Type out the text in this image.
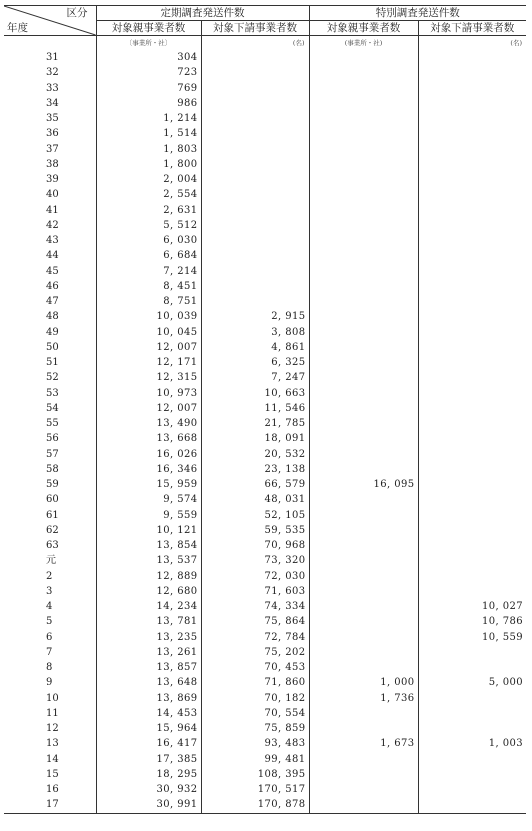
区分
年度	定期調査発送件数		特別調査発送件数	
	対象親事業者数	対象下請事業者数	対象親事業者数	対象下請事業者数
	〔事業所・社〕	(名)	(事業所・社)	(名)
31	304			
32	723			
33	769			
34	986			
35	1, 214			
36	1, 514			
37	1, 803			
38	1, 800			
39	2, 004			
40	2, 554			
41	2, 631			
42	5, 512			
43	6, 030			
44	6, 684			
45	7, 214			
46	8, 451			
47	8, 751			
48	10, 039	2, 915		
49	10, 045	3, 808		
50	12, 007	4, 861		
51	12, 171	6, 325		
52	12, 315	7, 247		
53	10, 973	10, 663		
54	12, 007	11, 546		
55	13, 490	21, 785		
56	13, 668	18, 091		
57	16, 026	20, 532		
58	16, 346	23, 138		
59	15, 959	66, 579	16, 095	
60	9, 574	48, 031		
61	9, 559	52, 105		
62	10, 121	59, 535		
63	13, 854	70, 968		
元	13, 537	73, 320		
2	12, 889	72, 030		
3	12, 680	71, 603		
4	14, 234	74, 334		10, 027
5	13, 781	75, 864		10, 786
6	13, 235	72, 784		10, 559
7	13, 261	75, 202		
8	13, 857	70, 453		
9	13, 648	71, 860	1, 000	5, 000
10	13, 869	70, 182	1, 736	
11	14, 453	70, 554		
12	15, 964	75, 859		
13	16, 417	93, 483	1, 673	1, 003
14	17, 385	99, 481		
15	18, 295	108, 395		
16	30, 932	170, 517		
17	30, 991	170, 878		
